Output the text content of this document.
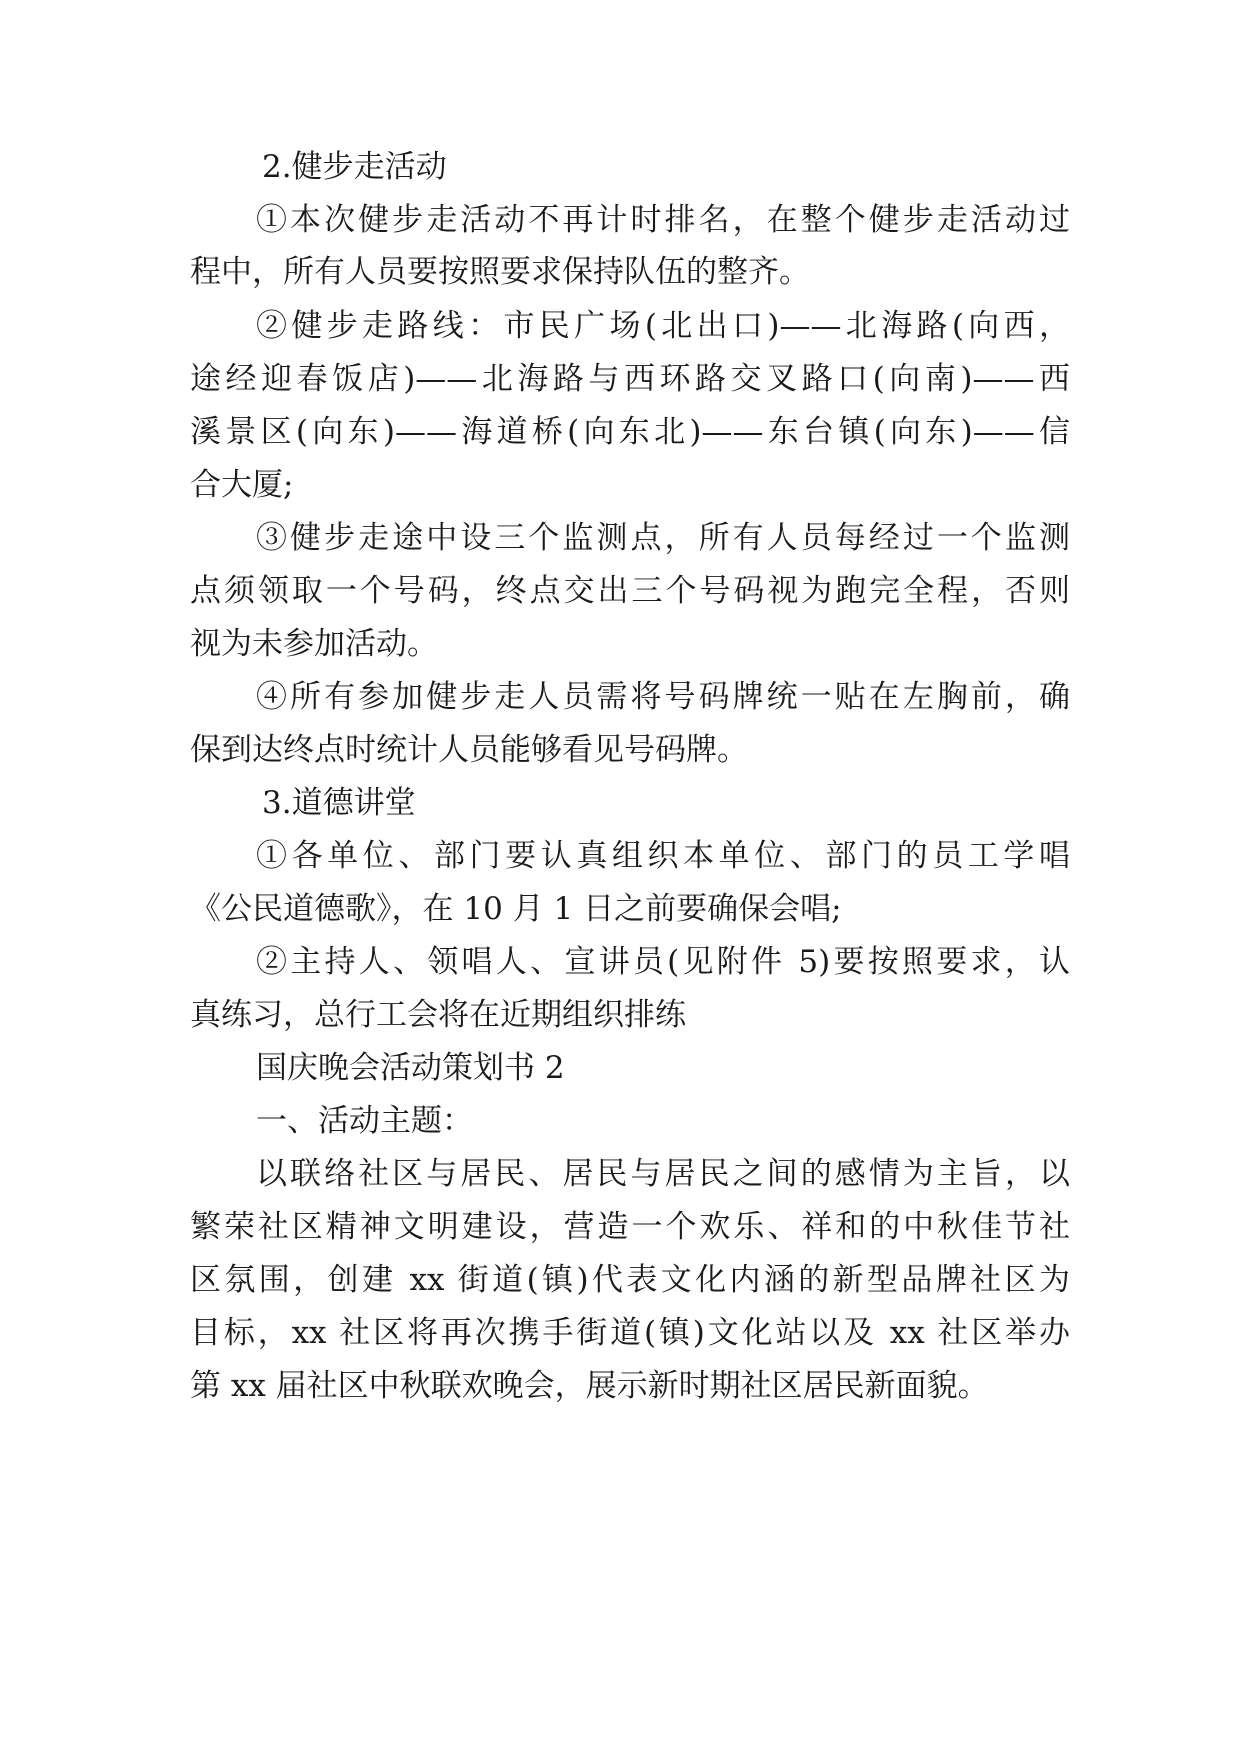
2.健步走活动
①本次健步走活动不再计时排名，在整个健步走活动过
程中，所有人员要按照要求保持队伍的整齐。
②健步走路线：市民广场(北出口)——北海路(向西，
途经迎春饭店)——北海路与西环路交叉路口(向南)——西
溪景区(向东)——海道桥(向东北)——东台镇(向东)——信
合大厦;
③健步走途中设三个监测点，所有人员每经过一个监测
点须领取一个号码，终点交出三个号码视为跑完全程，否则
视为未参加活动。
④所有参加健步走人员需将号码牌统一贴在左胸前，确
保到达终点时统计人员能够看见号码牌。
3.道德讲堂
①各单位、部门要认真组织本单位、部门的员工学唱
《公民道德歌》，在 10 月 1 日之前要确保会唱;
②主持人、领唱人、宣讲员(见附件 5)要按照要求，认
真练习，总行工会将在近期组织排练
国庆晚会活动策划书 2
一、活动主题：
以联络社区与居民、居民与居民之间的感情为主旨，以
繁荣社区精神文明建设，营造一个欢乐、祥和的中秋佳节社
区氛围，创建 xx 街道(镇)代表文化内涵的新型品牌社区为
目标，xx 社区将再次携手街道(镇)文化站以及 xx 社区举办
第 xx 届社区中秋联欢晚会，展示新时期社区居民新面貌。
